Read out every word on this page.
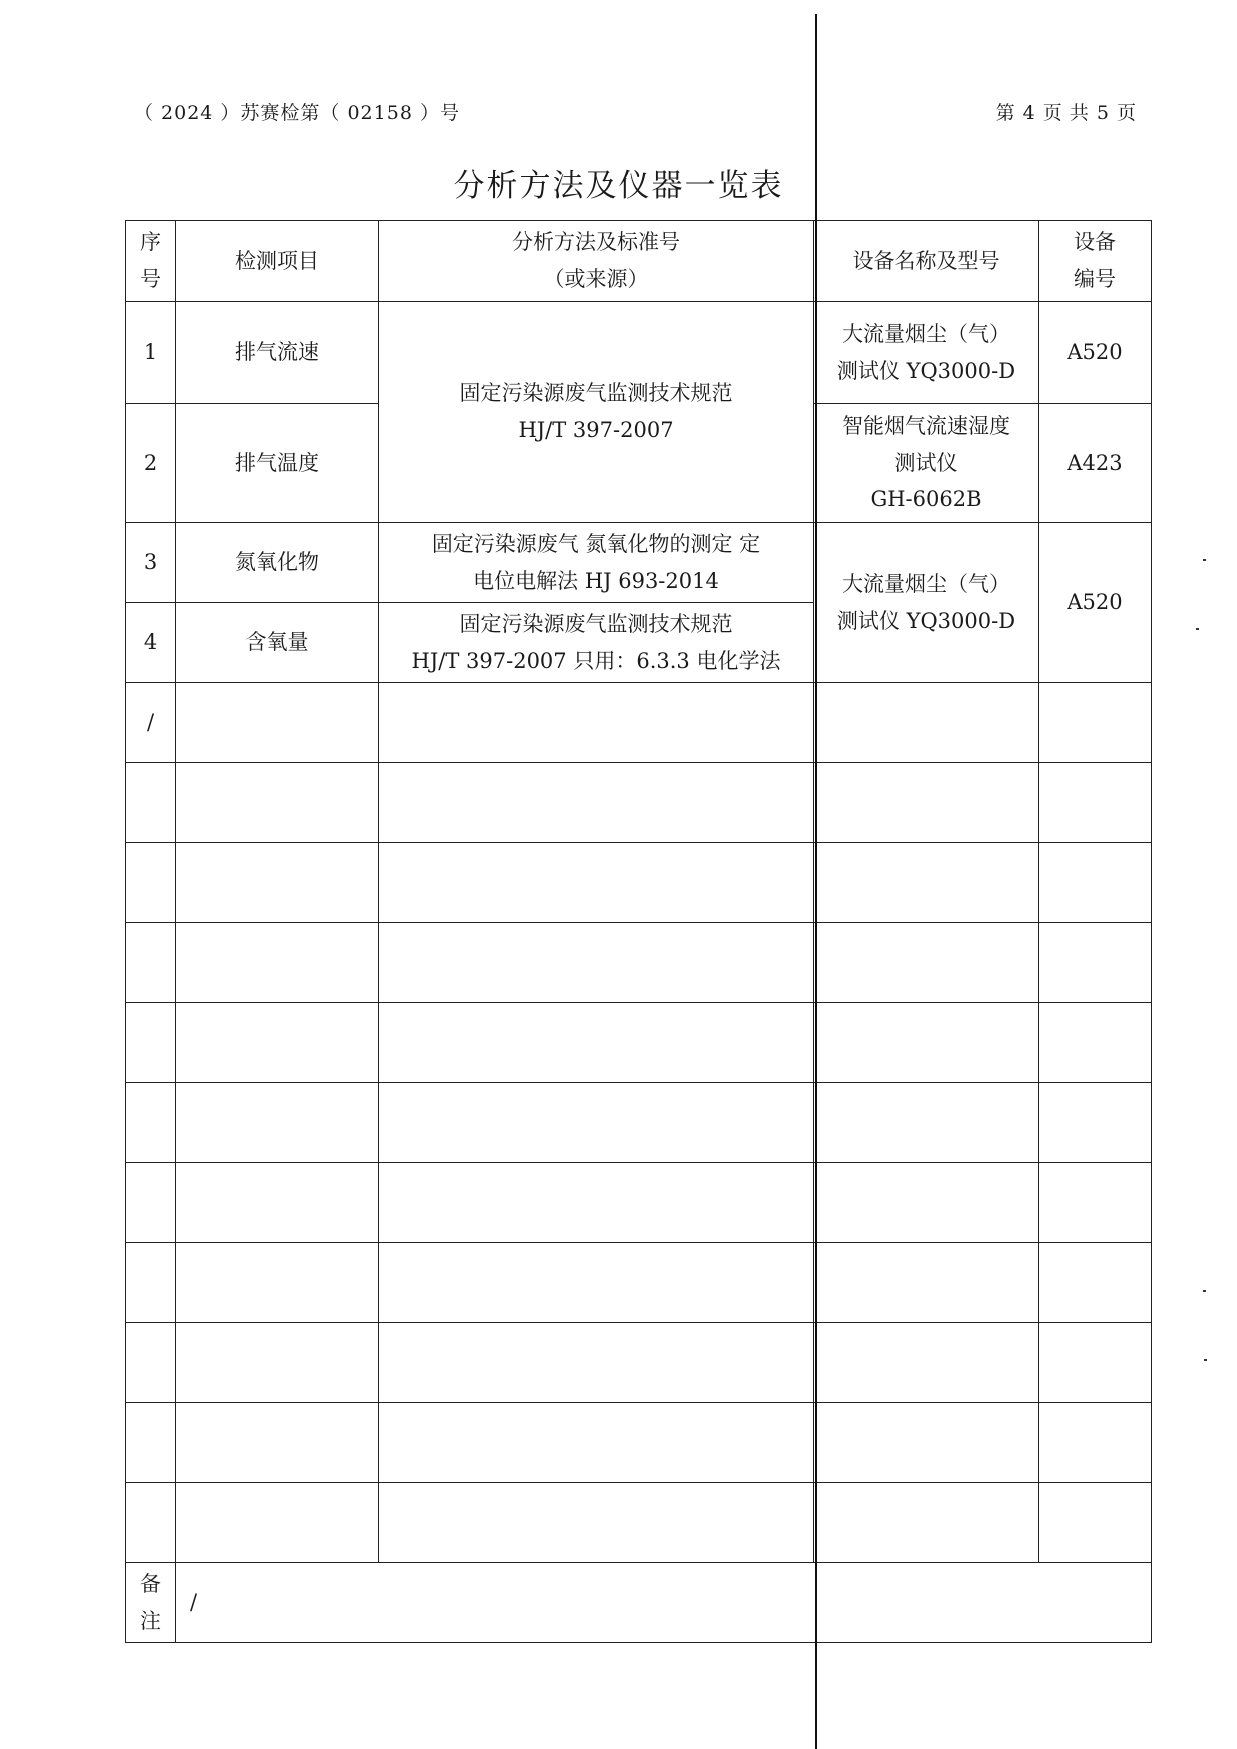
（ 2024 ）苏赛检第（ 02158 ）号	第 4 页 共 5 页
分析方法及仪器一览表
序
号	检测项目	分析方法及标准号
（或来源）	设备名称及型号	设备
编号

1	排气流速	固定污染源废气监测技术规范
HJ/T 397-2007	大流量烟尘（气）
测试仪 YQ3000-D	A520
2	排气温度		智能烟气流速湿度
测试仪
GH-6062B	A423
3	氮氧化物	固定污染源废气 氮氧化物的测定 定
电位电解法 HJ 693-2014	大流量烟尘（气）
测试仪 YQ3000-D	A520
4	含氧量	固定污染源废气监测技术规范
HJ/T 397-2007 只用：6.3.3 电化学法		

/				

备
注	/			
